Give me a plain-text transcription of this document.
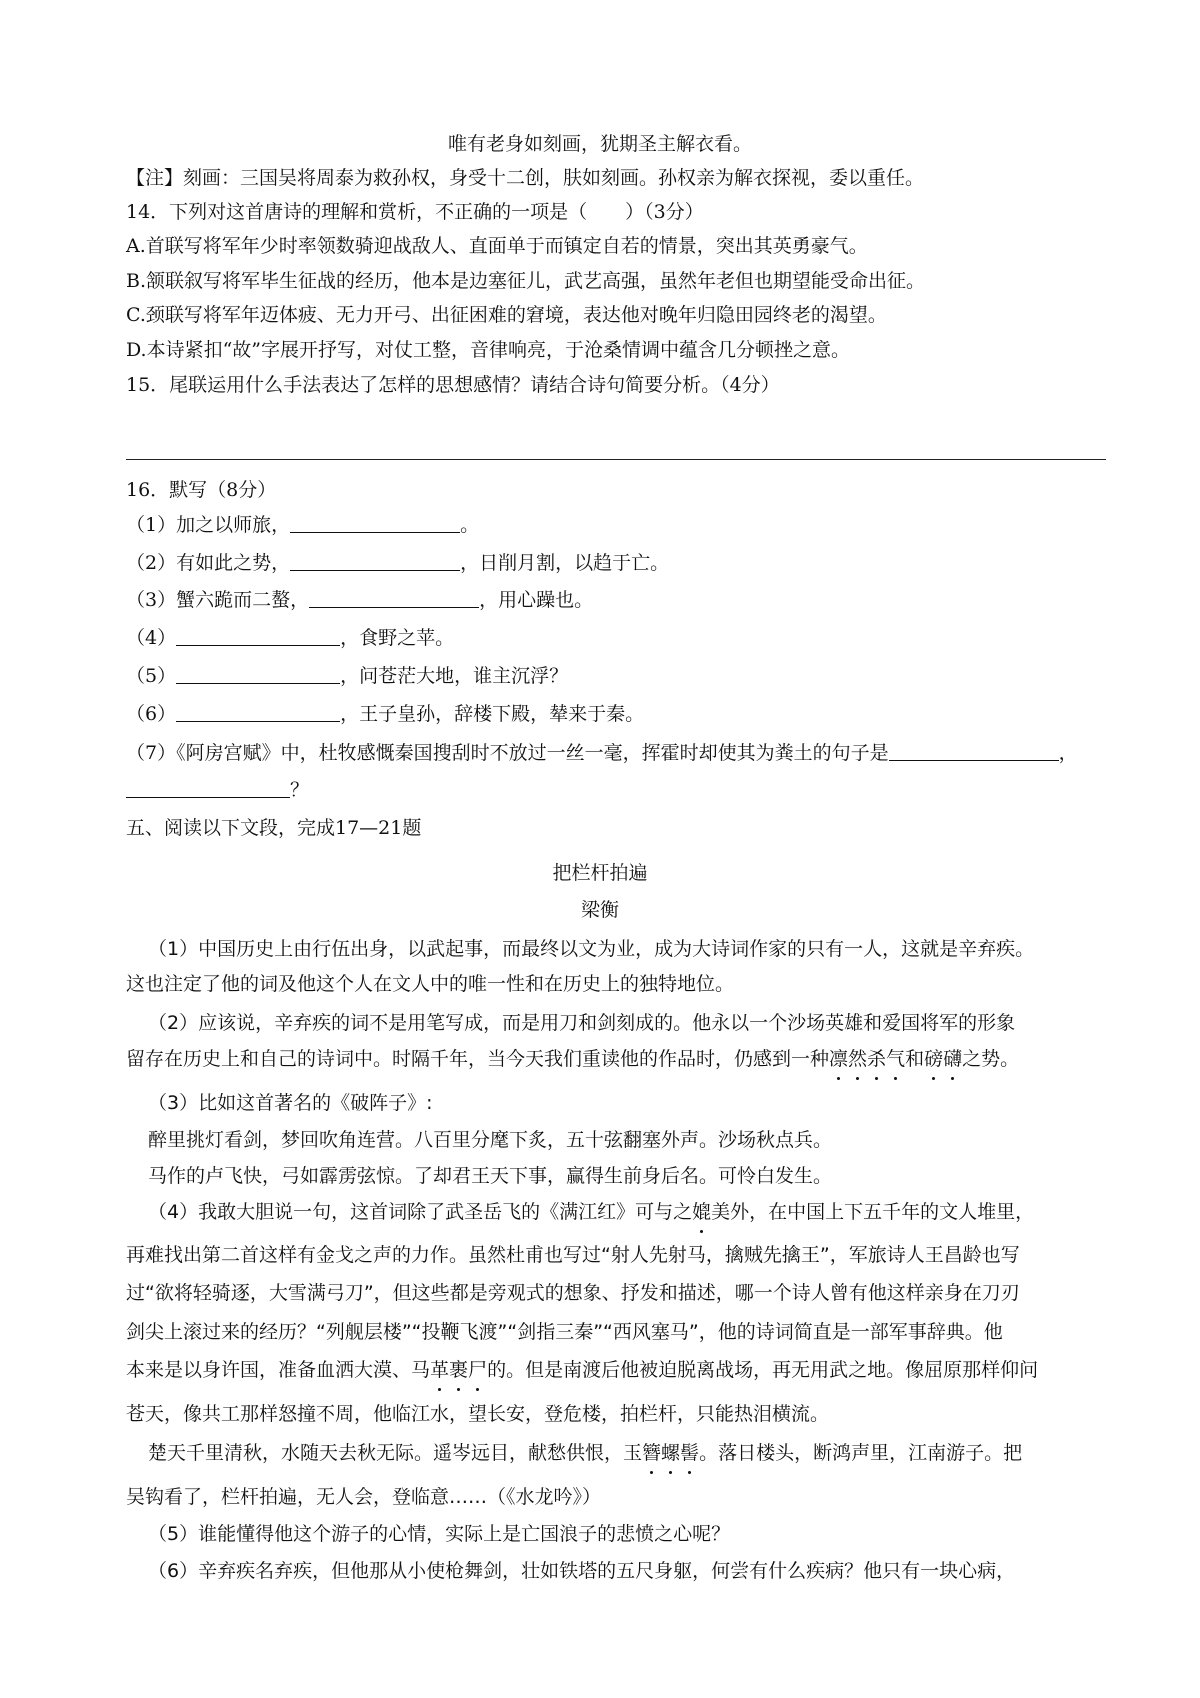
唯有老身如刻画，犹期圣主解衣看。
【注】刻画：三国吴将周泰为救孙权，身受十二创，肤如刻画。孙权亲为解衣探视，委以重任。
14．下列对这首唐诗的理解和赏析，不正确的一项是（　　）（3分）
A.首联写将军年少时率领数骑迎战敌人、直面单于而镇定自若的情景，突出其英勇豪气。
B.颔联叙写将军毕生征战的经历，他本是边塞征儿，武艺高强，虽然年老但也期望能受命出征。
C.颈联写将军年迈体疲、无力开弓、出征困难的窘境，表达他对晚年归隐田园终老的渴望。
D.本诗紧扣“故”字展开抒写，对仗工整，音律响亮，于沧桑情调中蕴含几分顿挫之意。
15．尾联运用什么手法表达了怎样的思想感情？请结合诗句简要分析。（4分）
16．默写（8分）
（1）加之以师旅，	。
（2）有如此之势，	，日削月割，以趋于亡。
（3）蟹六跪而二螯，	，用心躁也。
（4）	，食野之苹。
（5）	，问苍茫大地，谁主沉浮？
（6）	，王子皇孙，辞楼下殿，辇来于秦。
（7）《阿房宫赋》中，杜牧感慨秦国搜刮时不放过一丝一毫，挥霍时却使其为粪土的句子是	，
？
五、阅读以下文段，完成17—21题
把栏杆拍遍
梁衡
（1）中国历史上由行伍出身，以武起事，而最终以文为业，成为大诗词作家的只有一人，这就是辛弃疾。
这也注定了他的词及他这个人在文人中的唯一性和在历史上的独特地位。
（2）应该说，辛弃疾的词不是用笔写成，而是用刀和剑刻成的。他永以一个沙场英雄和爱国将军的形象
留存在历史上和自己的诗词中。时隔千年，当今天我们重读他的作品时，仍感到一种凛然杀气和磅礴之势。
（3）比如这首著名的《破阵子》:
醉里挑灯看剑，梦回吹角连营。八百里分麾下炙，五十弦翻塞外声。沙场秋点兵。
马作的卢飞快，弓如霹雳弦惊。了却君王天下事，赢得生前身后名。可怜白发生。
（4）我敢大胆说一句，这首词除了武圣岳飞的《满江红》可与之媲美外，在中国上下五千年的文人堆里，
再难找出第二首这样有金戈之声的力作。虽然杜甫也写过“射人先射马，擒贼先擒王”，军旅诗人王昌龄也写
过“欲将轻骑逐，大雪满弓刀”，但这些都是旁观式的想象、抒发和描述，哪一个诗人曾有他这样亲身在刀刃
剑尖上滚过来的经历？“列舰层楼”“投鞭飞渡”“剑指三秦”“西风塞马”，他的诗词简直是一部军事辞典。他
本来是以身许国，准备血洒大漠、马革裹尸的。但是南渡后他被迫脱离战场，再无用武之地。像屈原那样仰问
苍天，像共工那样怒撞不周，他临江水，望长安，登危楼，拍栏杆，只能热泪横流。
楚天千里清秋，水随天去秋无际。遥岑远目，献愁供恨，玉簪螺髻。落日楼头，断鸿声里，江南游子。把
吴钩看了，栏杆拍遍，无人会，登临意……（《水龙吟》）
（5）谁能懂得他这个游子的心情，实际上是亡国浪子的悲愤之心呢？
（6）辛弃疾名弃疾，但他那从小使枪舞剑，壮如铁塔的五尺身躯，何尝有什么疾病？他只有一块心病，
